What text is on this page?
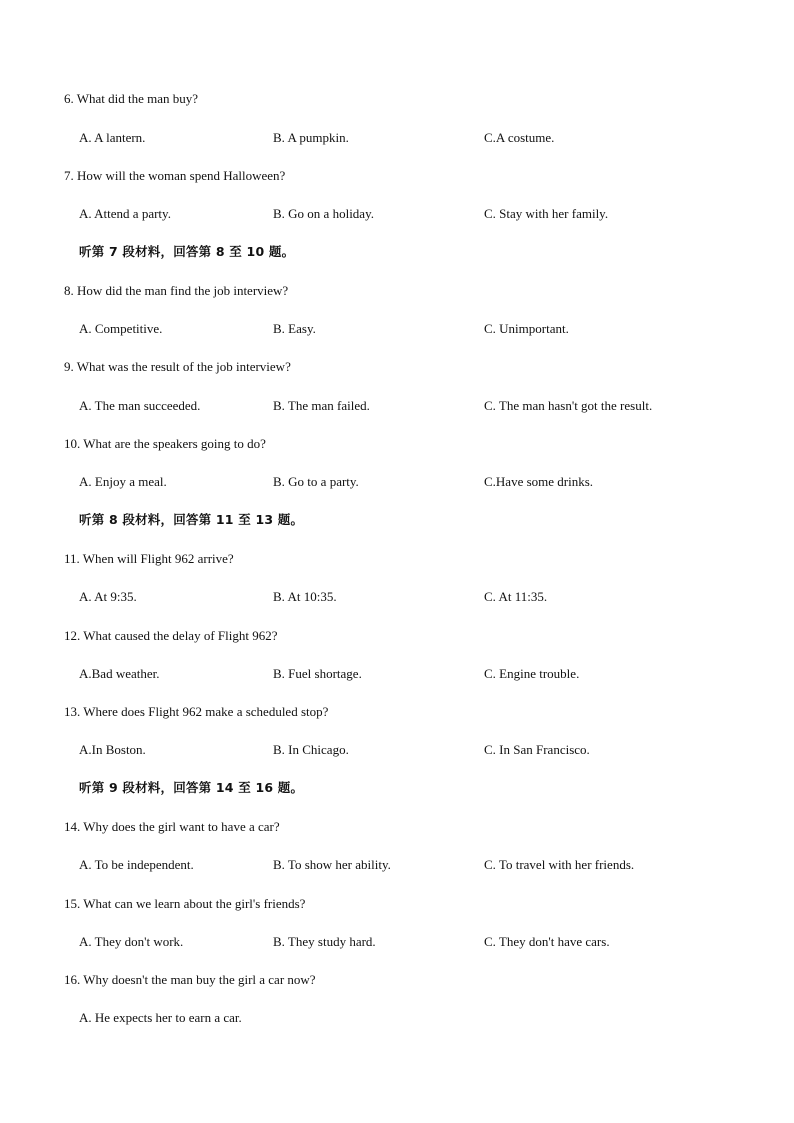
6. What did the man buy?
A. A lantern.	B. A pumpkin.	C.A costume.
7. How will the woman spend Halloween?
A. Attend a party.	B. Go on a holiday.	C. Stay with her family.
听第 7 段材料，回答第 8 至 10 题。
8. How did the man find the job interview?
A. Competitive.	B. Easy.	C. Unimportant.
9. What was the result of the job interview?
A. The man succeeded.	B. The man failed.	C. The man hasn't got the result.
10. What are the speakers going to do?
A. Enjoy a meal.	B. Go to a party.	C.Have some drinks.
听第 8 段材料，回答第 11 至 13 题。
11. When will Flight 962 arrive?
A. At 9:35.	B. At 10:35.	C. At 11:35.
12. What caused the delay of Flight 962?
A.Bad weather.	B. Fuel shortage.	C. Engine trouble.
13. Where does Flight 962 make a scheduled stop?
A.In Boston.	B. In Chicago.	C. In San Francisco.
听第 9 段材料，回答第 14 至 16 题。
14. Why does the girl want to have a car?
A. To be independent.	B. To show her ability.	C. To travel with her friends.
15. What can we learn about the girl's friends?
A. They don't work.	B. They study hard.	C. They don't have cars.
16. Why doesn't the man buy the girl a car now?
A. He expects her to earn a car.
